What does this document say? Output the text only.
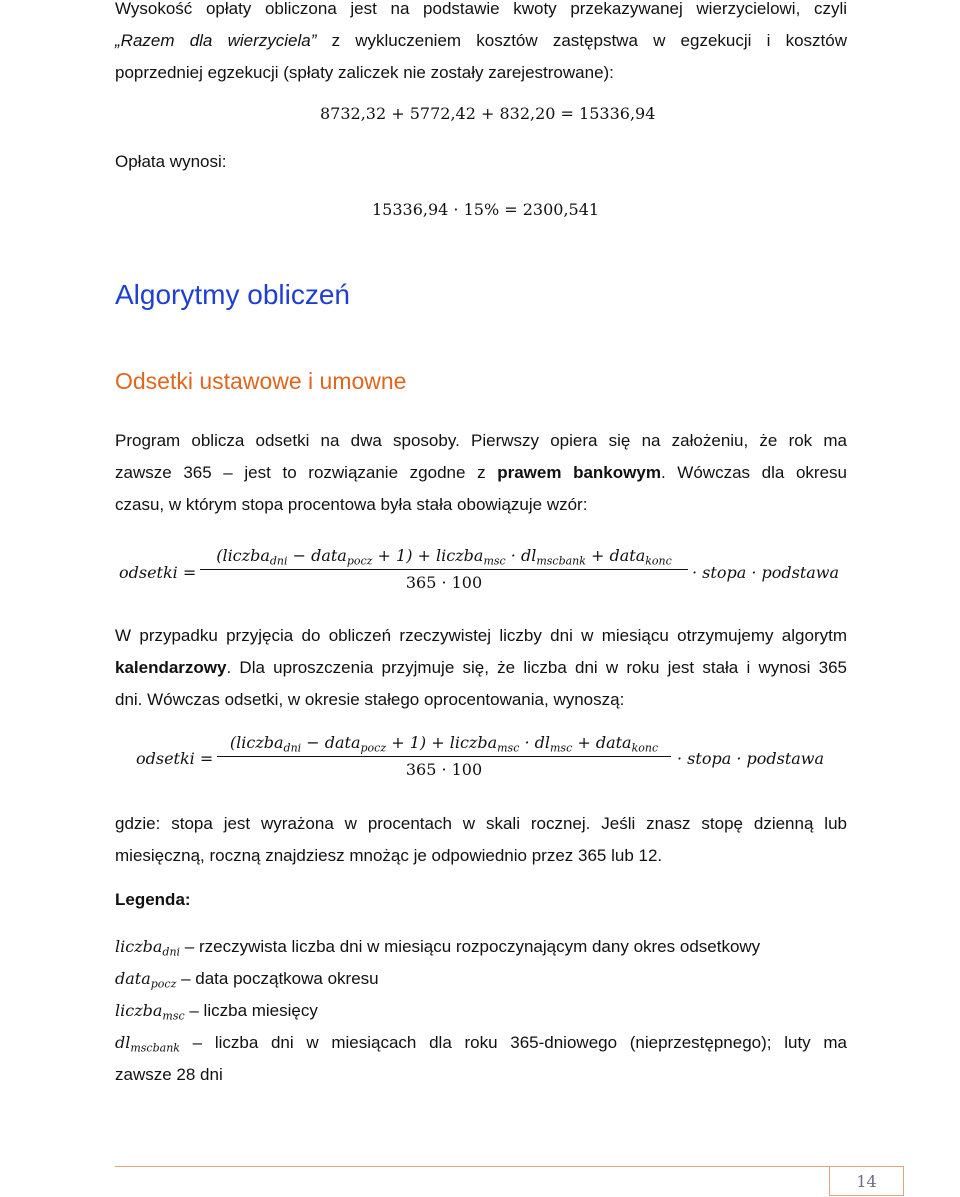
Wysokość opłaty obliczona jest na podstawie kwoty przekazywanej wierzycielowi, czyli
„Razem dla wierzyciela” z wykluczeniem kosztów zastępstwa w egzekucji i kosztów
poprzedniej egzekucji (spłaty zaliczek nie zostały zarejestrowane):
8732,32 + 5772,42 + 832,20 = 15336,94
Opłata wynosi:
15336,94 · 15% = 2300,541
Algorytmy obliczeń
Odsetki ustawowe i umowne
Program oblicza odsetki na dwa sposoby. Pierwszy opiera się na założeniu, że rok ma
zawsze 365 – jest to rozwiązanie zgodne z prawem bankowym. Wówczas dla okresu
czasu, w którym stopa procentowa była stała obowiązuje wzór:
odsetki =
(liczba$_{dni}$ − data$_{pocz}$ + 1) + liczba$_{msc}$ · $dl_{mscbank}$ + data$_{konc}$
365 · 100
· stopa · podstawa
W przypadku przyjęcia do obliczeń rzeczywistej liczby dni w miesiącu otrzymujemy algorytm
kalendarzowy. Dla uproszczenia przyjmuje się, że liczba dni w roku jest stała i wynosi 365
dni. Wówczas odsetki, w okresie stałego oprocentowania, wynoszą:
odsetki =
(liczba$_{dni}$ − data$_{pocz}$ + 1) + liczba$_{msc}$ · $dl_{msc}$ + data$_{konc}$
365 · 100
· stopa · podstawa
gdzie: stopa jest wyrażona w procentach w skali rocznej. Jeśli znasz stopę dzienną lub
miesięczną, roczną znajdziesz mnożąc je odpowiednio przez 365 lub 12.
Legenda:
liczba$_{dni}$ – rzeczywista liczba dni w miesiącu rozpoczynającym dany okres odsetkowy
data$_{pocz}$ – data początkowa okresu
liczba$_{msc}$ – liczba miesięcy
$dl_{mscbank}$ – liczba dni w miesiącach dla roku 365-dniowego (nieprzestępnego); luty ma
zawsze 28 dni
14
